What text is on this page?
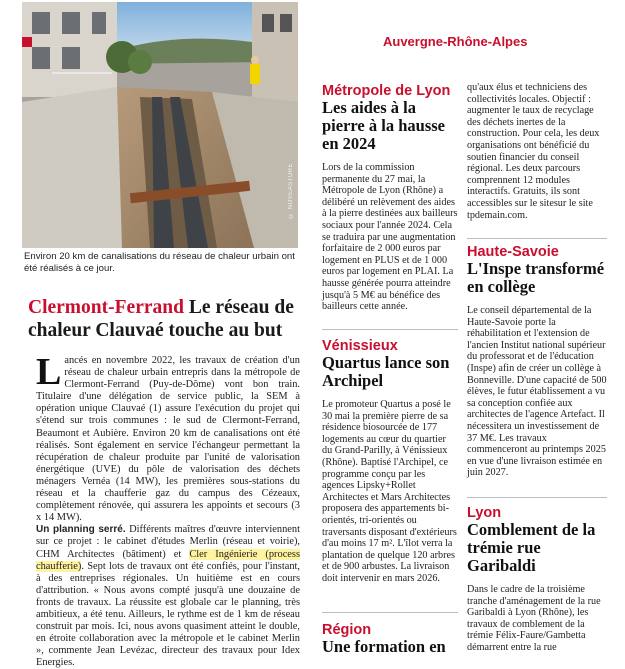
© NOVEASTURE
Environ 20 km de canalisations du réseau de chaleur urbain ont été réalisés à ce jour.
Auvergne-Rhône-Alpes
Clermont-Ferrand Le réseau de chaleur Clauvaé touche au but

Lancés en novembre 2022, les travaux de création d'un réseau de chaleur urbain entrepris dans la métropole de Clermont-Ferrand (Puy-de-Dôme) vont bon train. Titulaire d'une délégation de service public, la SEM à opération unique Clauvaé (1) assure l'exécution du projet qui s'étend sur trois communes : le sud de Clermont-Ferrand, Beaumont et Aubière. Environ 20 km de canalisations ont été réalisés. Sont également en service l'échangeur permettant la récupération de chaleur produite par l'unité de valorisation énergétique (UVE) du pôle de valorisation des déchets ménagers Vernéa (14 MW), les premières sous-stations du réseau et la chaufferie gaz du campus des Cézeaux, complètement rénovée, qui assurera les appoints et secours (3 x 14 MW).

Un planning serré. Différents maîtres d'œuvre interviennent sur ce projet : le cabinet d'études Merlin (réseau et voirie), CHM Architectes (bâtiment) et Cler Ingénierie (process chaufferie). Sept lots de travaux ont été confiés, pour l'instant, à des entreprises régionales. Un huitième est en cours d'attribution. « Nous avons compté jusqu'à une douzaine de fronts de travaux. La réussite est globale car le planning, très ambitieux, a été tenu. Ailleurs, le rythme est de 1 km de réseau construit par mois. Ici, nous avons quasiment atteint le double, en étroite collaboration avec la métropole et le cabinet Merlin », commente Jean Levézac, directeur des travaux pour Idex Energies.

Métropole de Lyon
Les aides à la pierre à la hausse en 2024
Lors de la commission permanente du 27 mai, la Métropole de Lyon (Rhône) a délibéré un relèvement des aides à la pierre destinées aux bailleurs sociaux pour l'année 2024. Cela se traduira par une augmentation forfaitaire de 2 000 euros par logement en PLUS et de 1 000 euros par logement en PLAI. La hausse générée pourra atteindre jusqu'à 5 M€ au bénéfice des bailleurs cette année.
Vénissieux
Quartus lance son Archipel
Le promoteur Quartus a posé le 30 mai la première pierre de sa résidence biosourcée de 177 logements au cœur du quartier du Grand-Parilly, à Vénissieux (Rhône). Baptisé l'Archipel, ce programme conçu par les agences Lipsky+Rollet Architectes et Mars Architectes proposera des appartements bi-orientés, tri-orientés ou traversants disposant d'extérieurs d'au moins 17 m². L'îlot verra la plantation de quelque 120 arbres et de 900 arbustes. La livraison doit intervenir en mars 2026.
Région
Une formation en
qu'aux élus et techniciens des collectivités locales. Objectif : augmenter le taux de recyclage des déchets inertes de la construction. Pour cela, les deux organisations ont bénéficié du soutien financier du conseil régional. Les deux parcours comprennent 12 modules interactifs. Gratuits, ils sont accessibles sur le sitesur le site tpdemain.com.
Haute-Savoie
L'Inspe transformé en collège
Le conseil départemental de la Haute-Savoie porte la réhabilitation et l'extension de l'ancien Institut national supérieur du professorat et de l'éducation (Inspe) afin de créer un collège à Bonneville. D'une capacité de 500 élèves, le futur établissement a vu sa conception confiée aux architectes de l'agence Artefact. Il nécessitera un investissement de 37 M€. Les travaux commenceront au printemps 2025 en vue d'une livraison estimée en juin 2027.
Lyon
Comblement de la trémie rue Garibaldi
Dans le cadre de la troisième tranche d'aménagement de la rue Garibaldi à Lyon (Rhône), les travaux de comblement de la trémie Félix-Faure/Gambetta démarrent entre la rue
